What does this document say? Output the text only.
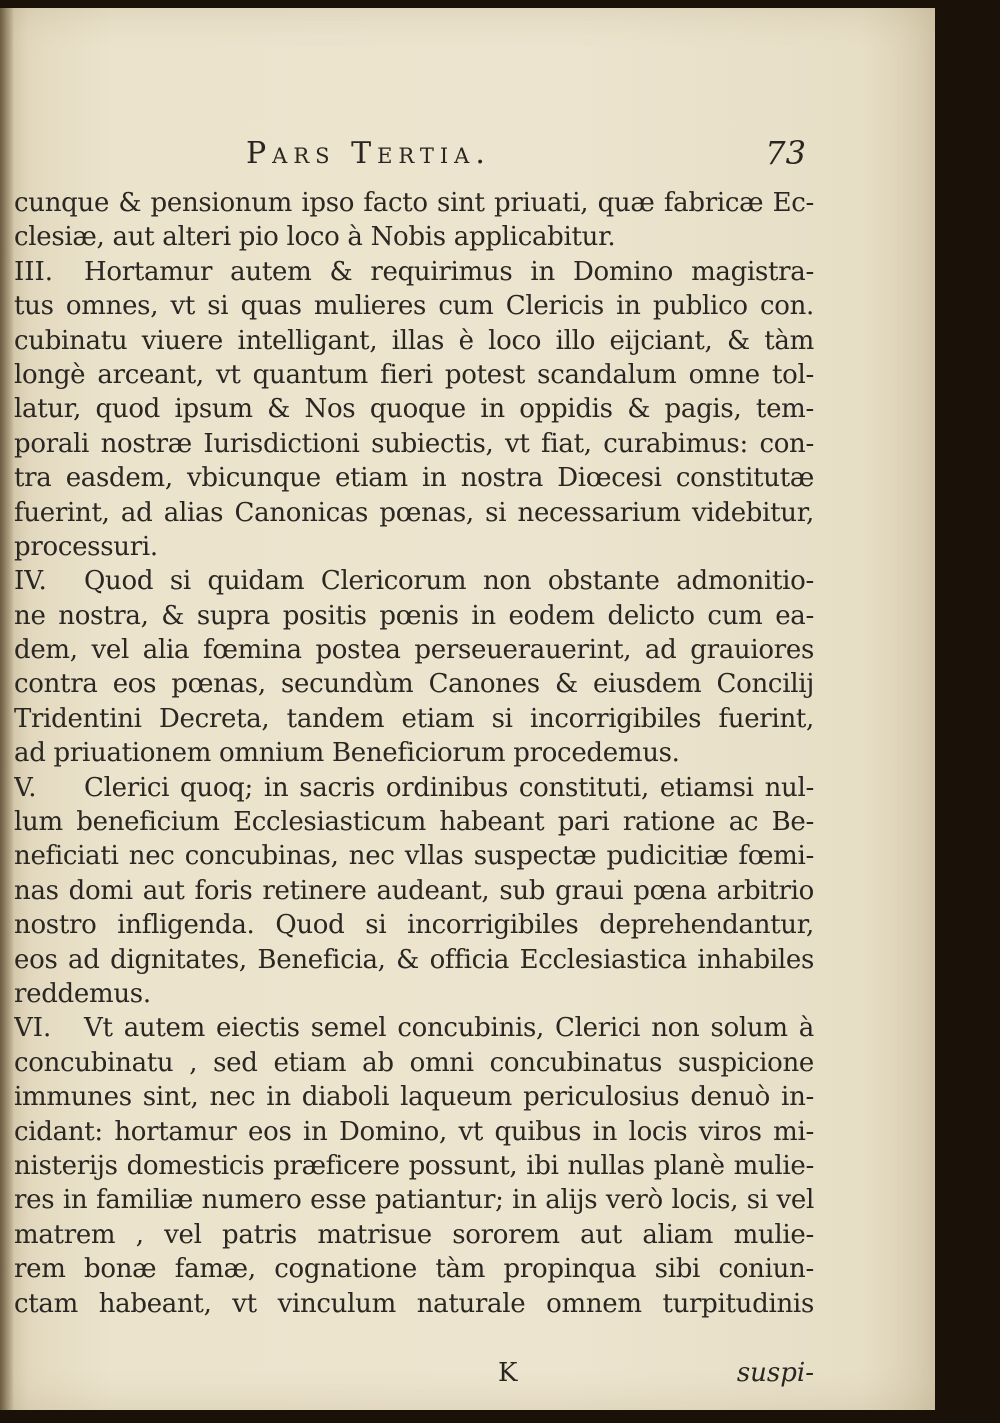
Pars Tertia.	73
cunque & pensionum ipso facto sint priuati, quæ fabricæ Ec-
clesiæ, aut alteri pio loco à Nobis applicabitur.
III. Hortamur autem & requirimus in Domino magistra-
tus omnes, vt si quas mulieres cum Clericis in publico con.
cubinatu viuere intelligant, illas è loco illo eijciant, & tàm
longè arceant, vt quantum fieri potest scandalum omne tol-
latur, quod ipsum & Nos quoque in oppidis & pagis, tem-
porali nostræ Iurisdictioni subiectis, vt fiat, curabimus: con-
tra easdem, vbicunque etiam in nostra Diœcesi constitutæ
fuerint, ad alias Canonicas pœnas, si necessarium videbitur,
processuri.
IV. Quod si quidam Clericorum non obstante admonitio-
ne nostra, & supra positis pœnis in eodem delicto cum ea-
dem, vel alia fœmina postea perseuerauerint, ad grauiores
contra eos pœnas, secundùm Canones & eiusdem Concilij
Tridentini Decreta, tandem etiam si incorrigibiles fuerint,
ad priuationem omnium Beneficiorum procedemus.
V. Clerici quoq; in sacris ordinibus constituti, etiamsi nul-
lum beneficium Ecclesiasticum habeant pari ratione ac Be-
neficiati nec concubinas, nec vllas suspectæ pudicitiæ fœmi-
nas domi aut foris retinere audeant, sub graui pœna arbitrio
nostro infligenda. Quod si incorrigibiles deprehendantur,
eos ad dignitates, Beneficia, & officia Ecclesiastica inhabiles
reddemus.
VI. Vt autem eiectis semel concubinis, Clerici non solum à
concubinatu , sed etiam ab omni concubinatus suspicione
immunes sint, nec in diaboli laqueum periculosius denuò in-
cidant: hortamur eos in Domino, vt quibus in locis viros mi-
nisterijs domesticis præficere possunt, ibi nullas planè mulie-
res in familiæ numero esse patiantur; in alijs verò locis, si vel
matrem , vel patris matrisue sororem aut aliam mulie-
rem bonæ famæ, cognatione tàm propinqua sibi coniun-
ctam habeant, vt vinculum naturale omnem turpitudinis
K	suspi-
